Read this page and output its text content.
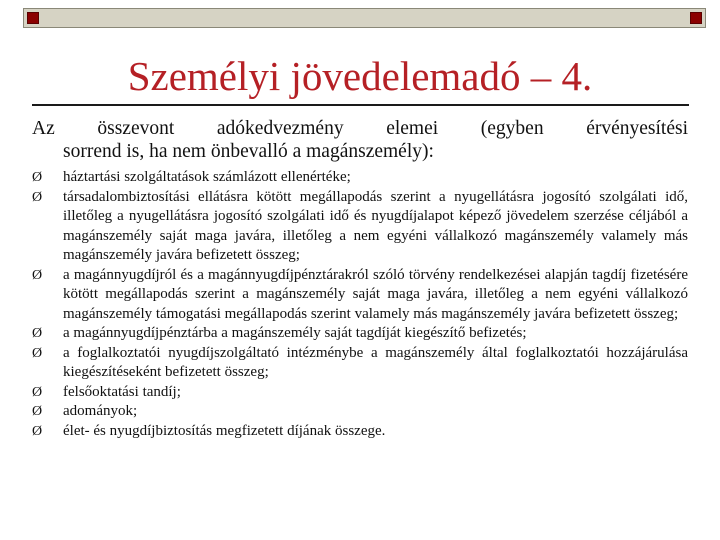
Személyi jövedelemadó – 4.
Az összevont adókedvezmény elemei (egyben érvényesítési
sorrend is, ha nem önbevalló a magánszemély):
Ø	háztartási szolgáltatások számlázott ellenértéke;
Ø	társadalombiztosítási ellátásra kötött megállapodás szerint a nyugellátásra jogosító szolgálati idő, illetőleg a nyugellátásra jogosító szolgálati idő és nyugdíjalapot képező jövedelem szerzése céljából a magánszemély saját maga javára, illetőleg a nem egyéni vállalkozó magánszemély valamely más magánszemély javára befizetett összeg;
Ø	a magánnyugdíjról és a magánnyugdíjpénztárakról szóló törvény rendelkezései alapján tagdíj fizetésére kötött megállapodás szerint a magánszemély saját maga javára, illetőleg a nem egyéni vállalkozó magánszemély támogatási megállapodás szerint valamely más magánszemély javára befizetett összeg;
Ø	a magánnyugdíjpénztárba a magánszemély saját tagdíját kiegészítő befizetés;
Ø	a foglalkoztatói nyugdíjszolgáltató intézménybe a magánszemély által foglalkoztatói hozzájárulása kiegészítéseként befizetett összeg;
Ø	felsőoktatási tandíj;
Ø	adományok;
Ø	élet- és nyugdíjbiztosítás megfizetett díjának összege.
